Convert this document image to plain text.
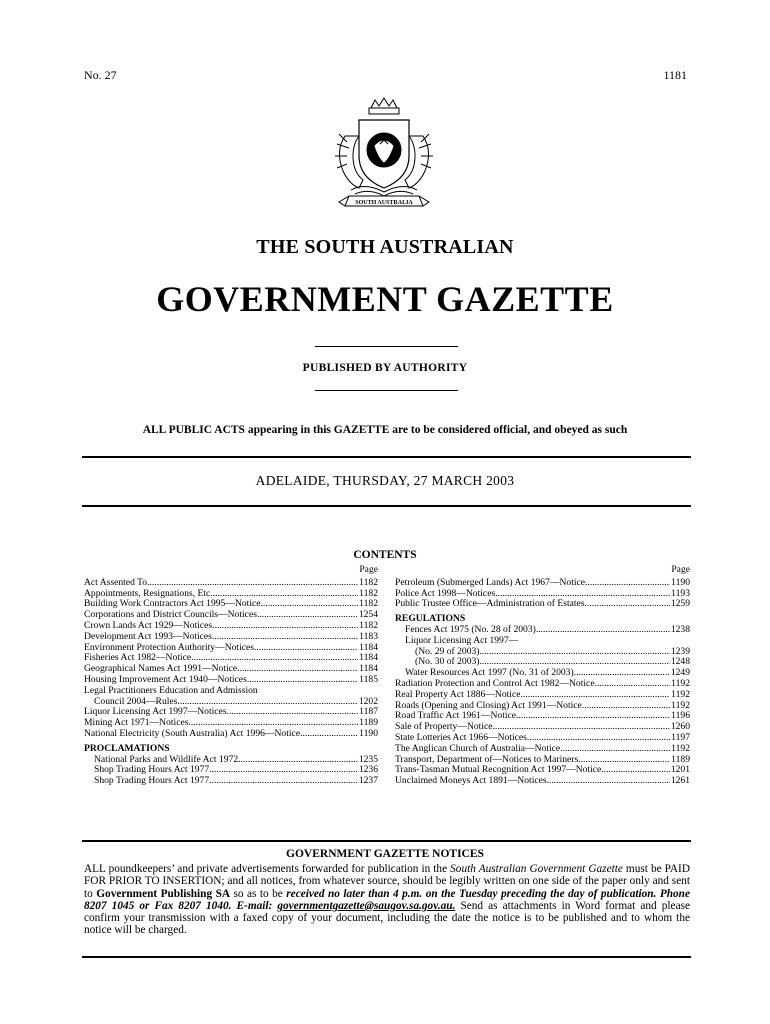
No. 27	1181
SOUTH AUSTRALIA
THE SOUTH AUSTRALIAN
GOVERNMENT GAZETTE
PUBLISHED BY AUTHORITY
ALL PUBLIC ACTS appearing in this GAZETTE are to be considered official, and obeyed as such
ADELAIDE, THURSDAY, 27 MARCH 2003
CONTENTS
Page
Act Assented To .....	1182
Appointments, Resignations, Etc. .....	1182
Building Work Contractors Act 1995—Notice .....	1182
Corporations and District Councils—Notices .....	1254
Crown Lands Act 1929—Notices .....	1182
Development Act 1993—Notices .....	1183
Environment Protection Authority—Notices .....	1184
Fisheries Act 1982—Notice .....	1184
Geographical Names Act 1991—Notice .....	1184
Housing Improvement Act 1940—Notices .....	1185
Legal Practitioners Education and Admission
Council 2004—Rules .....	1202
Liquor Licensing Act 1997—Notices .....	1187
Mining Act 1971—Notices .....	1189
National Electricity (South Australia) Act 1996—Notice .....	1190
PROCLAMATIONS
National Parks and Wildlife Act 1972 .....	1235
Shop Trading Hours Act 1977 .....	1236
Shop Trading Hours Act 1977 .....	1237
Page
Petroleum (Submerged Lands) Act 1967—Notice .....	1190
Police Act 1998—Notices .....	1193
Public Trustee Office—Administration of Estates .....	1259
REGULATIONS
Fences Act 1975 (No. 28 of 2003) .....	1238
Liquor Licensing Act 1997—
(No. 29 of 2003) .....	1239
(No. 30 of 2003) .....	1248
Water Resources Act 1997 (No. 31 of 2003) .....	1249
Radiation Protection and Control Act 1982—Notice .....	1192
Real Property Act 1886—Notice .....	1192
Roads (Opening and Closing) Act 1991—Notice .....	1192
Road Traffic Act 1961—Notice .....	1196
Sale of Property—Notice .....	1260
State Lotteries Act 1966—Notices .....	1197
The Anglican Church of Australia—Notice .....	1192
Transport, Department of—Notices to Mariners .....	1189
Trans-Tasman Mutual Recognition Act 1997—Notice .....	1201
Unclaimed Moneys Act 1891—Notices .....	1261
GOVERNMENT GAZETTE NOTICES
ALL poundkeepers’ and private advertisements forwarded for publication in the South Australian Government Gazette must be PAID FOR PRIOR TO INSERTION; and all notices, from whatever source, should be legibly written on one side of the paper only and sent to Government Publishing SA so as to be received no later than 4 p.m. on the Tuesday preceding the day of publication. Phone 8207 1045 or Fax 8207 1040. E-mail: governmentgazette@saugov.sa.gov.au. Send as attachments in Word format and please confirm your transmission with a faxed copy of your document, including the date the notice is to be published and to whom the notice will be charged.
